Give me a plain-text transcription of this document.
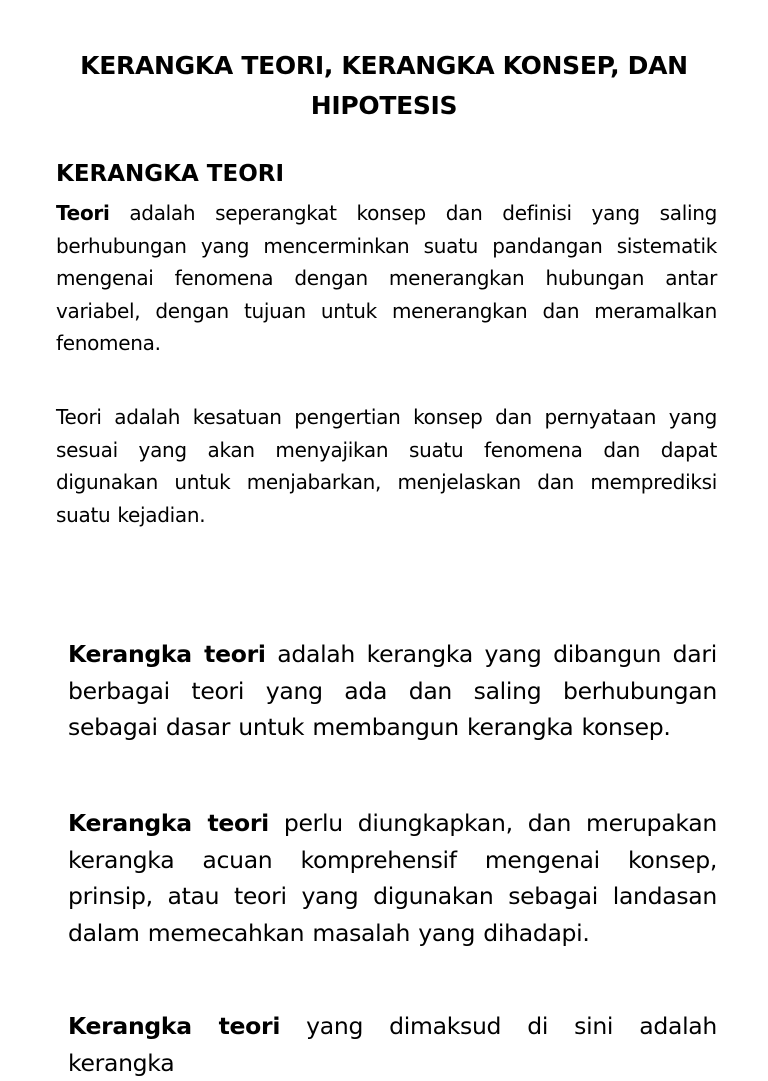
KERANGKA TEORI, KERANGKA KONSEP, DAN HIPOTESIS
KERANGKA TEORI
Teori adalah seperangkat konsep dan definisi yang saling berhubungan yang mencerminkan suatu pandangan sistematik mengenai fenomena dengan menerangkan hubungan antar variabel, dengan tujuan untuk menerangkan dan meramalkan fenomena.
Teori adalah kesatuan pengertian konsep dan pernyataan yang sesuai yang akan menyajikan suatu fenomena dan dapat digunakan untuk menjabarkan, menjelaskan dan memprediksi suatu kejadian.
Kerangka teori adalah kerangka yang dibangun dari berbagai teori yang ada dan saling berhubungan sebagai dasar untuk membangun kerangka konsep.
Kerangka teori perlu diungkapkan, dan merupakan kerangka acuan komprehensif mengenai konsep, prinsip, atau teori yang digunakan sebagai landasan dalam memecahkan masalah yang dihadapi.
Kerangka teori yang dimaksud di sini adalah kerangka
